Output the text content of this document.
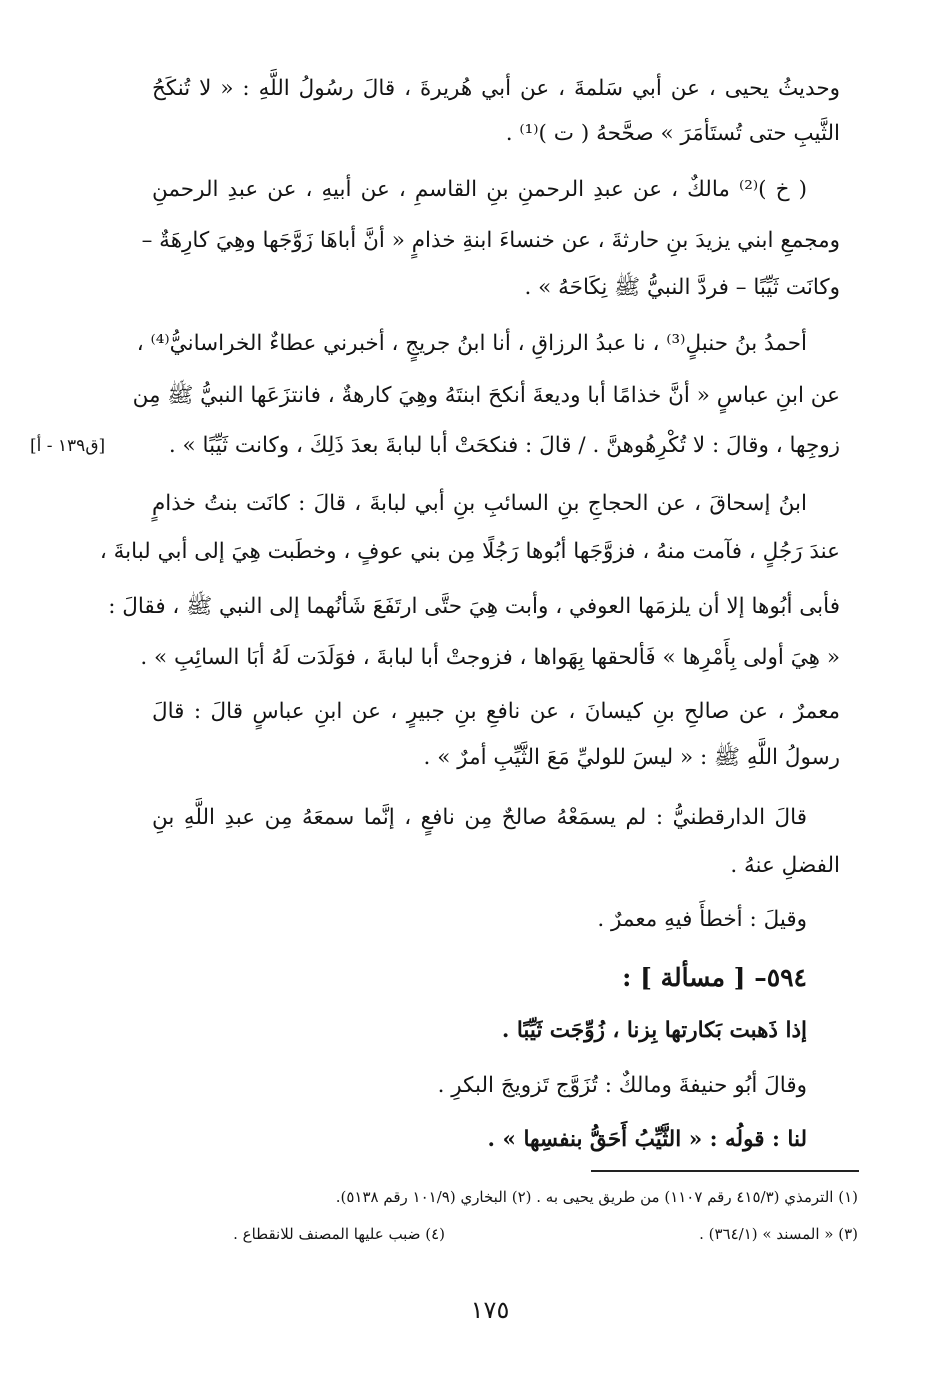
وحديثُ يحيى ، عن أبي سَلمةَ ، عن أبي هُريرةَ ، قالَ رسُولُ اللَّهِ : « لا تُنكَحُ
الثَّيبِ حتى تُستَأمَرَ » صحَّحهُ ( ت )⁽¹⁾ .
( خ )⁽²⁾ مالكٌ ، عن عبدِ الرحمنِ بنِ القاسمِ ، عن أبيهِ ، عن عبدِ الرحمنِ
ومجمعِ ابني يزيدَ بنِ حارثةَ ، عن خنساءَ ابنةِ خذامٍ « أنَّ أباهَا زَوَّجَها وهِيَ كارِهَةٌ –
وكانَت ثَيِّبًا – فردَّ النبيُّ ﷺ نِكَاحَهُ » .
أحمدُ بنُ حنبلٍ⁽³⁾ ، نا عبدُ الرزاقِ ، أنا ابنُ جريجٍ ، أخبرني عطاءٌ الخراسانيُّ⁽⁴⁾ ،
عن ابنِ عباسٍ « أنَّ خذامًا أبا وديعةَ أنكحَ ابنتَهُ وهِيَ كارهةٌ ، فانتزَعَها النبيُّ ﷺ مِن
زوجِها ، وقالَ : لا تُكْرِهُوهنَّ . / قالَ : فنكحَتْ أبا لبابةَ بعدَ ذَلِكَ ، وكانت ثَيِّبًا » .
[ق١٣٩ - أ]
ابنُ إسحاقَ ، عن الحجاجِ بنِ السائبِ بنِ أبي لبابةَ ، قالَ : كانَت بنتُ خذامٍ
عندَ رَجُلٍ ، فآمت منهُ ، فزوَّجَها أبُوها رَجُلًا مِن بني عوفٍ ، وخطَبت هِيَ إلى أبي لبابةَ ،
فأبى أبُوها إلا أن يلزمَها العوفي ، وأبت هِيَ حتَّى ارتَفَعَ شَأنُهما إلى النبي ﷺ ، فقالَ :
« هِيَ أولى بِأَمْرِها » فَألحقها بِهَواها ، فزوجتْ أبا لبابةَ ، فوَلَدَت لَهُ أبَا السائِبِ » .
معمرٌ ، عن صالحِ بنِ كيسانَ ، عن نافعِ بنِ جبيرٍ ، عن ابنِ عباسٍ قالَ : قالَ
رسولُ اللَّهِ ﷺ : « ليسَ للوليِّ مَعَ الثَّيِّبِ أمرٌ » .
قالَ الدارقطنيُّ : لم يسمَعْهُ صالحٌ مِن نافعٍ ، إنَّما سمعَهُ مِن عبدِ اللَّهِ بنِ
الفضلِ عنهُ .
وقيلَ : أخطأَ فيهِ معمرٌ .
٥٩٤– [ مسألة ] :
إذا ذَهبت بَكارتها بِزنا ، زُوِّجَت ثَيِّبًا .
وقالَ أبُو حنيفةَ ومالكٌ : تُزَوَّج تَزويجَ البكرِ .
لنا : قولُه : « الثَّيِّبُ أَحَقُّ بنفسِها » .
(١) الترمذي (٤١٥/٣ رقم ١١٠٧) من طريق يحيى به . (٢) البخاري (١٠١/٩ رقم ٥١٣٨).
(٣) « المسند » (٣٦٤/١) .
(٤) ضبب عليها المصنف للانقطاع .
١٧٥
